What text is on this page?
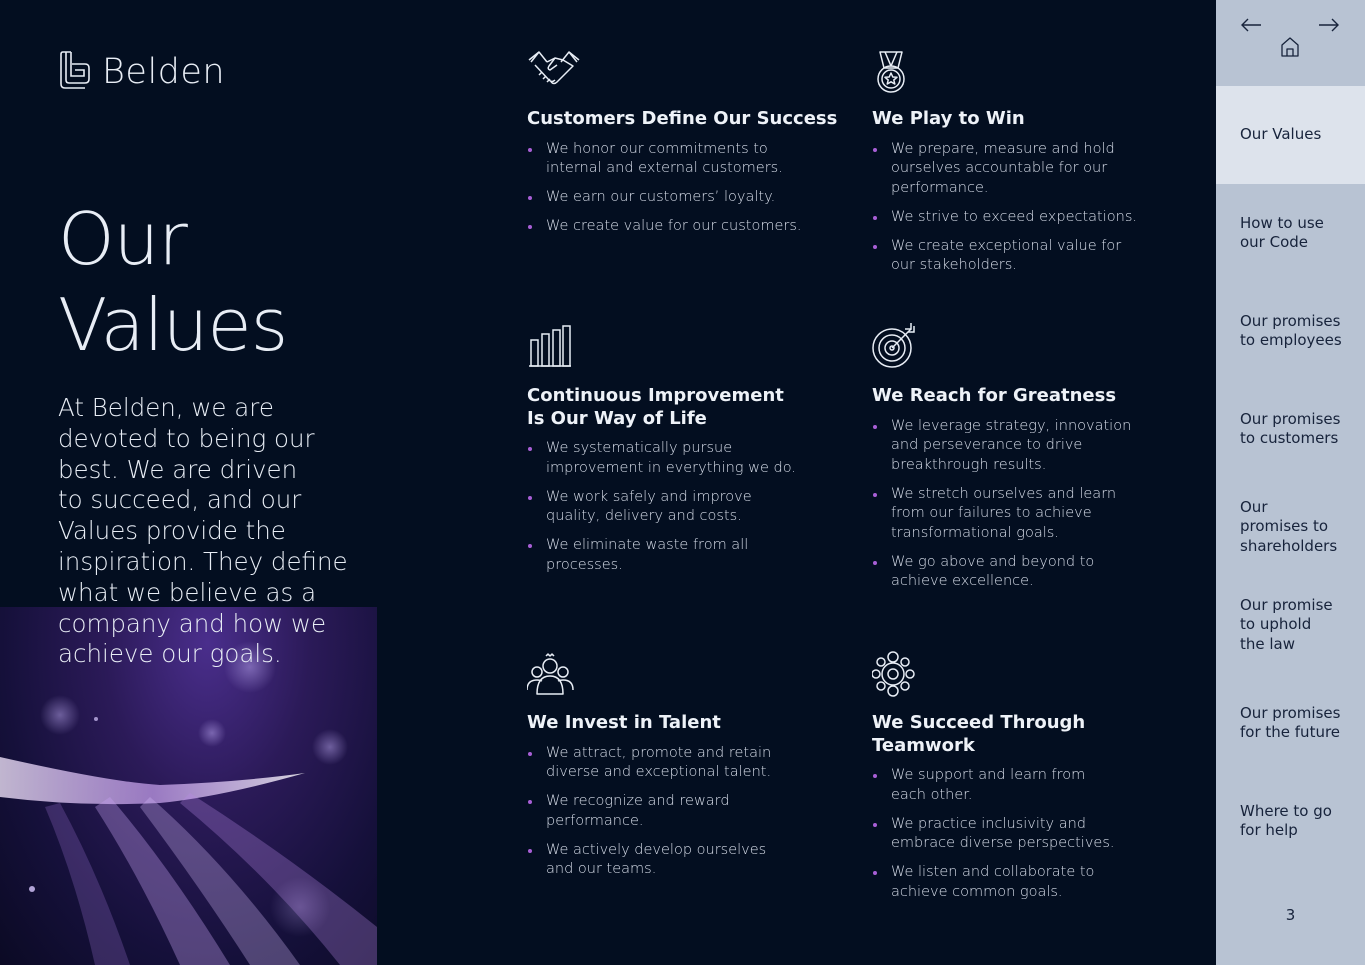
Belden
Our
Values
At Belden, we are
devoted to being our
best. We are driven
to succeed, and our
Values provide the
inspiration. They define
what we believe as a
company and how we
achieve our goals.
Customers Define Our Success
We honor our commitments to
internal and external customers.
We earn our customers’ loyalty.
We create value for our customers.
We Play to Win
We prepare, measure and hold
ourselves accountable for our
performance.
We strive to exceed expectations.
We create exceptional value for
our stakeholders.
Continuous Improvement
Is Our Way of Life
We systematically pursue
improvement in everything we do.
We work safely and improve
quality, delivery and costs.
We eliminate waste from all
processes.
We Reach for Greatness
We leverage strategy, innovation
and perseverance to drive
breakthrough results.
We stretch ourselves and learn
from our failures to achieve
transformational goals.
We go above and beyond to
achieve excellence.
We Invest in Talent
We attract, promote and retain
diverse and exceptional talent.
We recognize and reward
performance.
We actively develop ourselves
and our teams.
We Succeed Through
Teamwork
We support and learn from
each other.
We practice inclusivity and
embrace diverse perspectives.
We listen and collaborate to
achieve common goals.
Our Values
How to use
our Code
Our promises
to employees
Our promises
to customers
Our
promises to
shareholders
Our promise
to uphold
the law
Our promises
for the future
Where to go
for help
3
